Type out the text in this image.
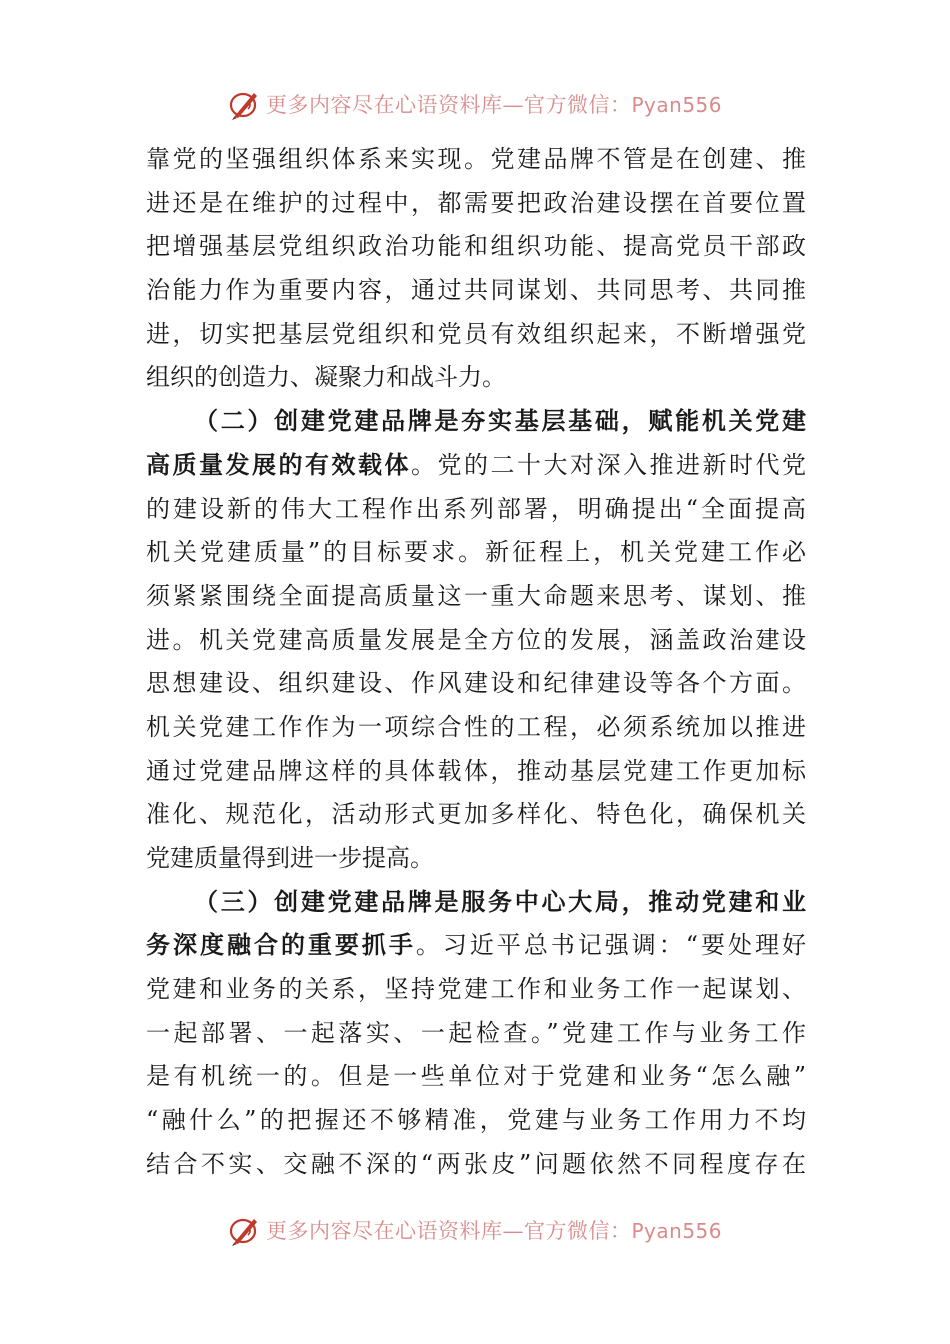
更多内容尽在心语资料库—官方微信：Pyan556
靠党的坚强组织体系来实现。党建品牌不管是在创建、推
进还是在维护的过程中，都需要把政治建设摆在首要位置
把增强基层党组织政治功能和组织功能、提高党员干部政
治能力作为重要内容，通过共同谋划、共同思考、共同推
进，切实把基层党组织和党员有效组织起来，不断增强党
组织的创造力、凝聚力和战斗力。
（二）创建党建品牌是夯实基层基础，赋能机关党建
高质量发展的有效载体。党的二十大对深入推进新时代党
的建设新的伟大工程作出系列部署，明确提出“全面提高
机关党建质量”的目标要求。新征程上，机关党建工作必
须紧紧围绕全面提高质量这一重大命题来思考、谋划、推
进。机关党建高质量发展是全方位的发展，涵盖政治建设
思想建设、组织建设、作风建设和纪律建设等各个方面。
机关党建工作作为一项综合性的工程，必须系统加以推进
通过党建品牌这样的具体载体，推动基层党建工作更加标
准化、规范化，活动形式更加多样化、特色化，确保机关
党建质量得到进一步提高。
（三）创建党建品牌是服务中心大局，推动党建和业
务深度融合的重要抓手。习近平总书记强调：“要处理好
党建和业务的关系，坚持党建工作和业务工作一起谋划、
一起部署、一起落实、一起检查。”党建工作与业务工作
是有机统一的。但是一些单位对于党建和业务“怎么融”
“融什么”的把握还不够精准，党建与业务工作用力不均
结合不实、交融不深的“两张皮”问题依然不同程度存在
更多内容尽在心语资料库—官方微信：Pyan556
